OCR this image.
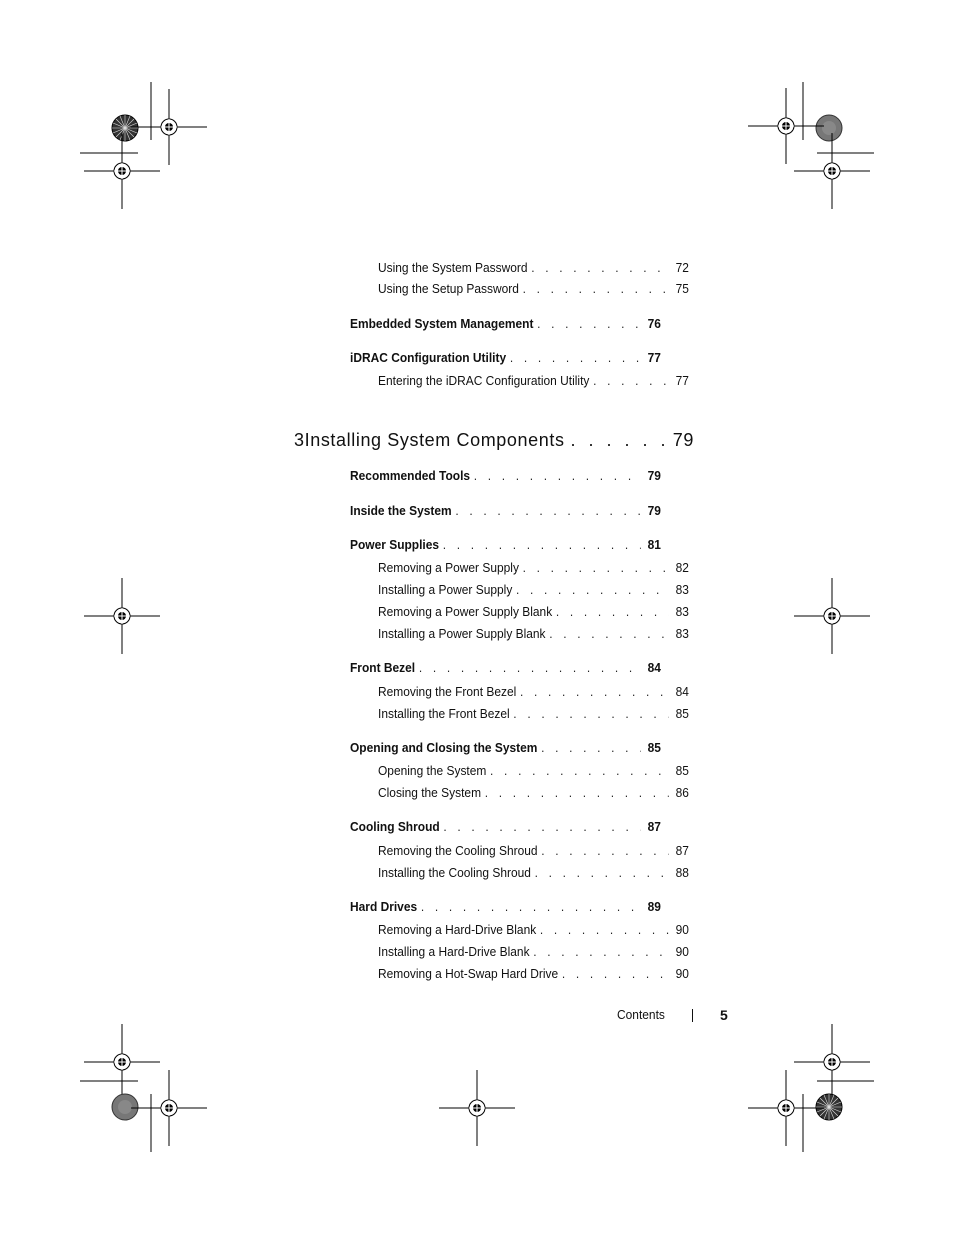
Using the System Password . . .	72
Using the Setup Password . . .	75
Embedded System Management . . .	76
iDRAC Configuration Utility . . .	77
Entering the iDRAC Configuration Utility . . .	77
3 Installing System Components . . .	79
Recommended Tools . . .	79
Inside the System . . .	79
Power Supplies . . .	81
Removing a Power Supply . . .	82
Installing a Power Supply . . .	83
Removing a Power Supply Blank . . .	83
Installing a Power Supply Blank . . .	83
Front Bezel . . .	84
Removing the Front Bezel . . .	84
Installing the Front Bezel . . .	85
Opening and Closing the System . . .	85
Opening the System . . .	85
Closing the System . . .	86
Cooling Shroud . . .	87
Removing the Cooling Shroud . . .	87
Installing the Cooling Shroud . . .	88
Hard Drives . . .	89
Removing a Hard-Drive Blank . . .	90
Installing a Hard-Drive Blank . . .	90
Removing a Hot-Swap Hard Drive . . .	90
Contents	5
